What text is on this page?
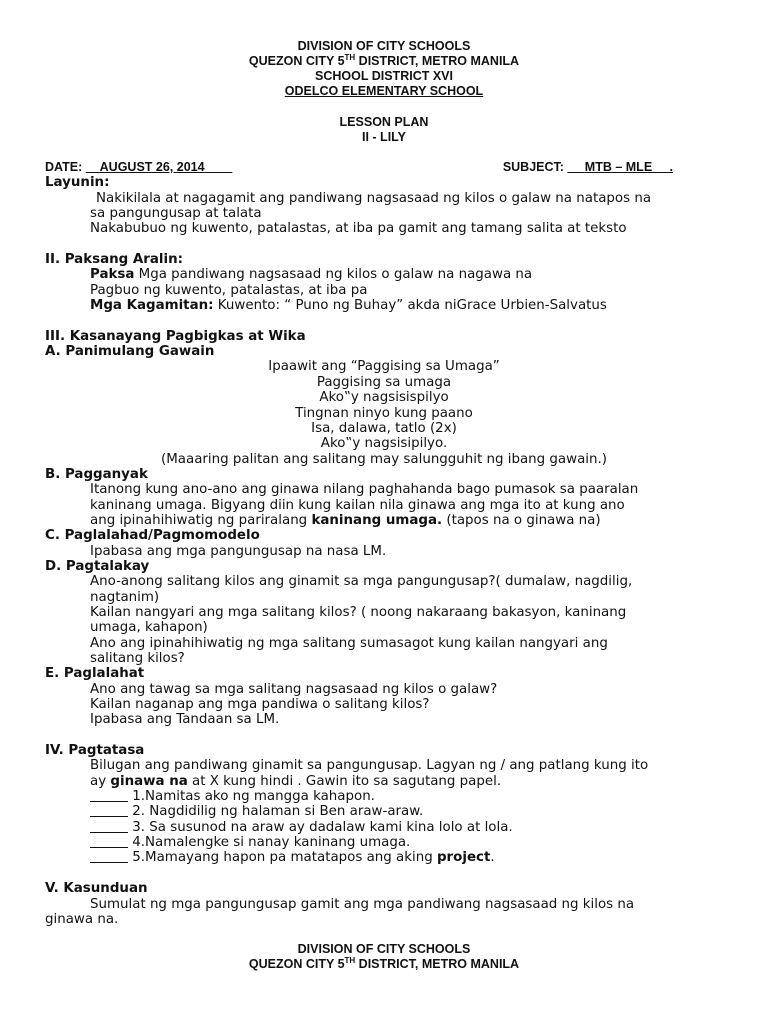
DIVISION OF CITY SCHOOLS
QUEZON CITY 5TH DISTRICT, METRO MANILA
SCHOOL DISTRICT XVI
ODELCO ELEMENTARY SCHOOL
LESSON PLAN
II - LILY
DATE: AUGUST 26, 2014	SUBJECT: MTB – MLE     .
Layunin:
Nakikilala at nagagamit ang pandiwang nagsasaad ng kilos o galaw na natapos na
sa pangungusap at talata
Nakabubuo ng kuwento, patalastas, at iba pa gamit ang tamang salita at teksto
II. Paksang Aralin:
Paksa Mga pandiwang nagsasaad ng kilos o galaw na nagawa na
Pagbuo ng kuwento, patalastas, at iba pa
Mga Kagamitan: Kuwento: “ Puno ng Buhay” akda niGrace Urbien-Salvatus
III. Kasanayang Pagbigkas at Wika
A. Panimulang Gawain
Ipaawit ang “Paggising sa Umaga”
Paggising sa umaga
Ako‟y nagsisispilyo
Tingnan ninyo kung paano
Isa, dalawa, tatlo (2x)
Ako‟y nagsisipilyo.
(Maaaring palitan ang salitang may salungguhit ng ibang gawain.)
B. Pagganyak
Itanong kung ano-ano ang ginawa nilang paghahanda bago pumasok sa paaralan
kaninang umaga. Bigyang diin kung kailan nila ginawa ang mga ito at kung ano
ang ipinahihiwatig ng pariralang kaninang umaga. (tapos na o ginawa na)
C. Paglalahad/Pagmomodelo
Ipabasa ang mga pangungusap na nasa LM.
D. Pagtalakay
Ano-anong salitang kilos ang ginamit sa mga pangungusap?( dumalaw, nagdilig,
nagtanim)
Kailan nangyari ang mga salitang kilos? ( noong nakaraang bakasyon, kaninang
umaga, kahapon)
Ano ang ipinahihiwatig ng mga salitang sumasagot kung kailan nangyari ang
salitang kilos?
E. Paglalahat
Ano ang tawag sa mga salitang nagsasaad ng kilos o galaw?
Kailan naganap ang mga pandiwa o salitang kilos?
Ipabasa ang Tandaan sa LM.
IV. Pagtatasa
Bilugan ang pandiwang ginamit sa pangungusap. Lagyan ng / ang patlang kung ito
ay ginawa na at X kung hindi . Gawin ito sa sagutang papel.
1.Namitas ako ng mangga kahapon.
2. Nagdidilig ng halaman si Ben araw-araw.
3. Sa susunod na araw ay dadalaw kami kina lolo at lola.
4.Namalengke si nanay kaninang umaga.
5.Mamayang hapon pa matatapos ang aking project.
V. Kasunduan
Sumulat ng mga pangungusap gamit ang mga pandiwang nagsasaad ng kilos na
ginawa na.
DIVISION OF CITY SCHOOLS
QUEZON CITY 5TH DISTRICT, METRO MANILA
